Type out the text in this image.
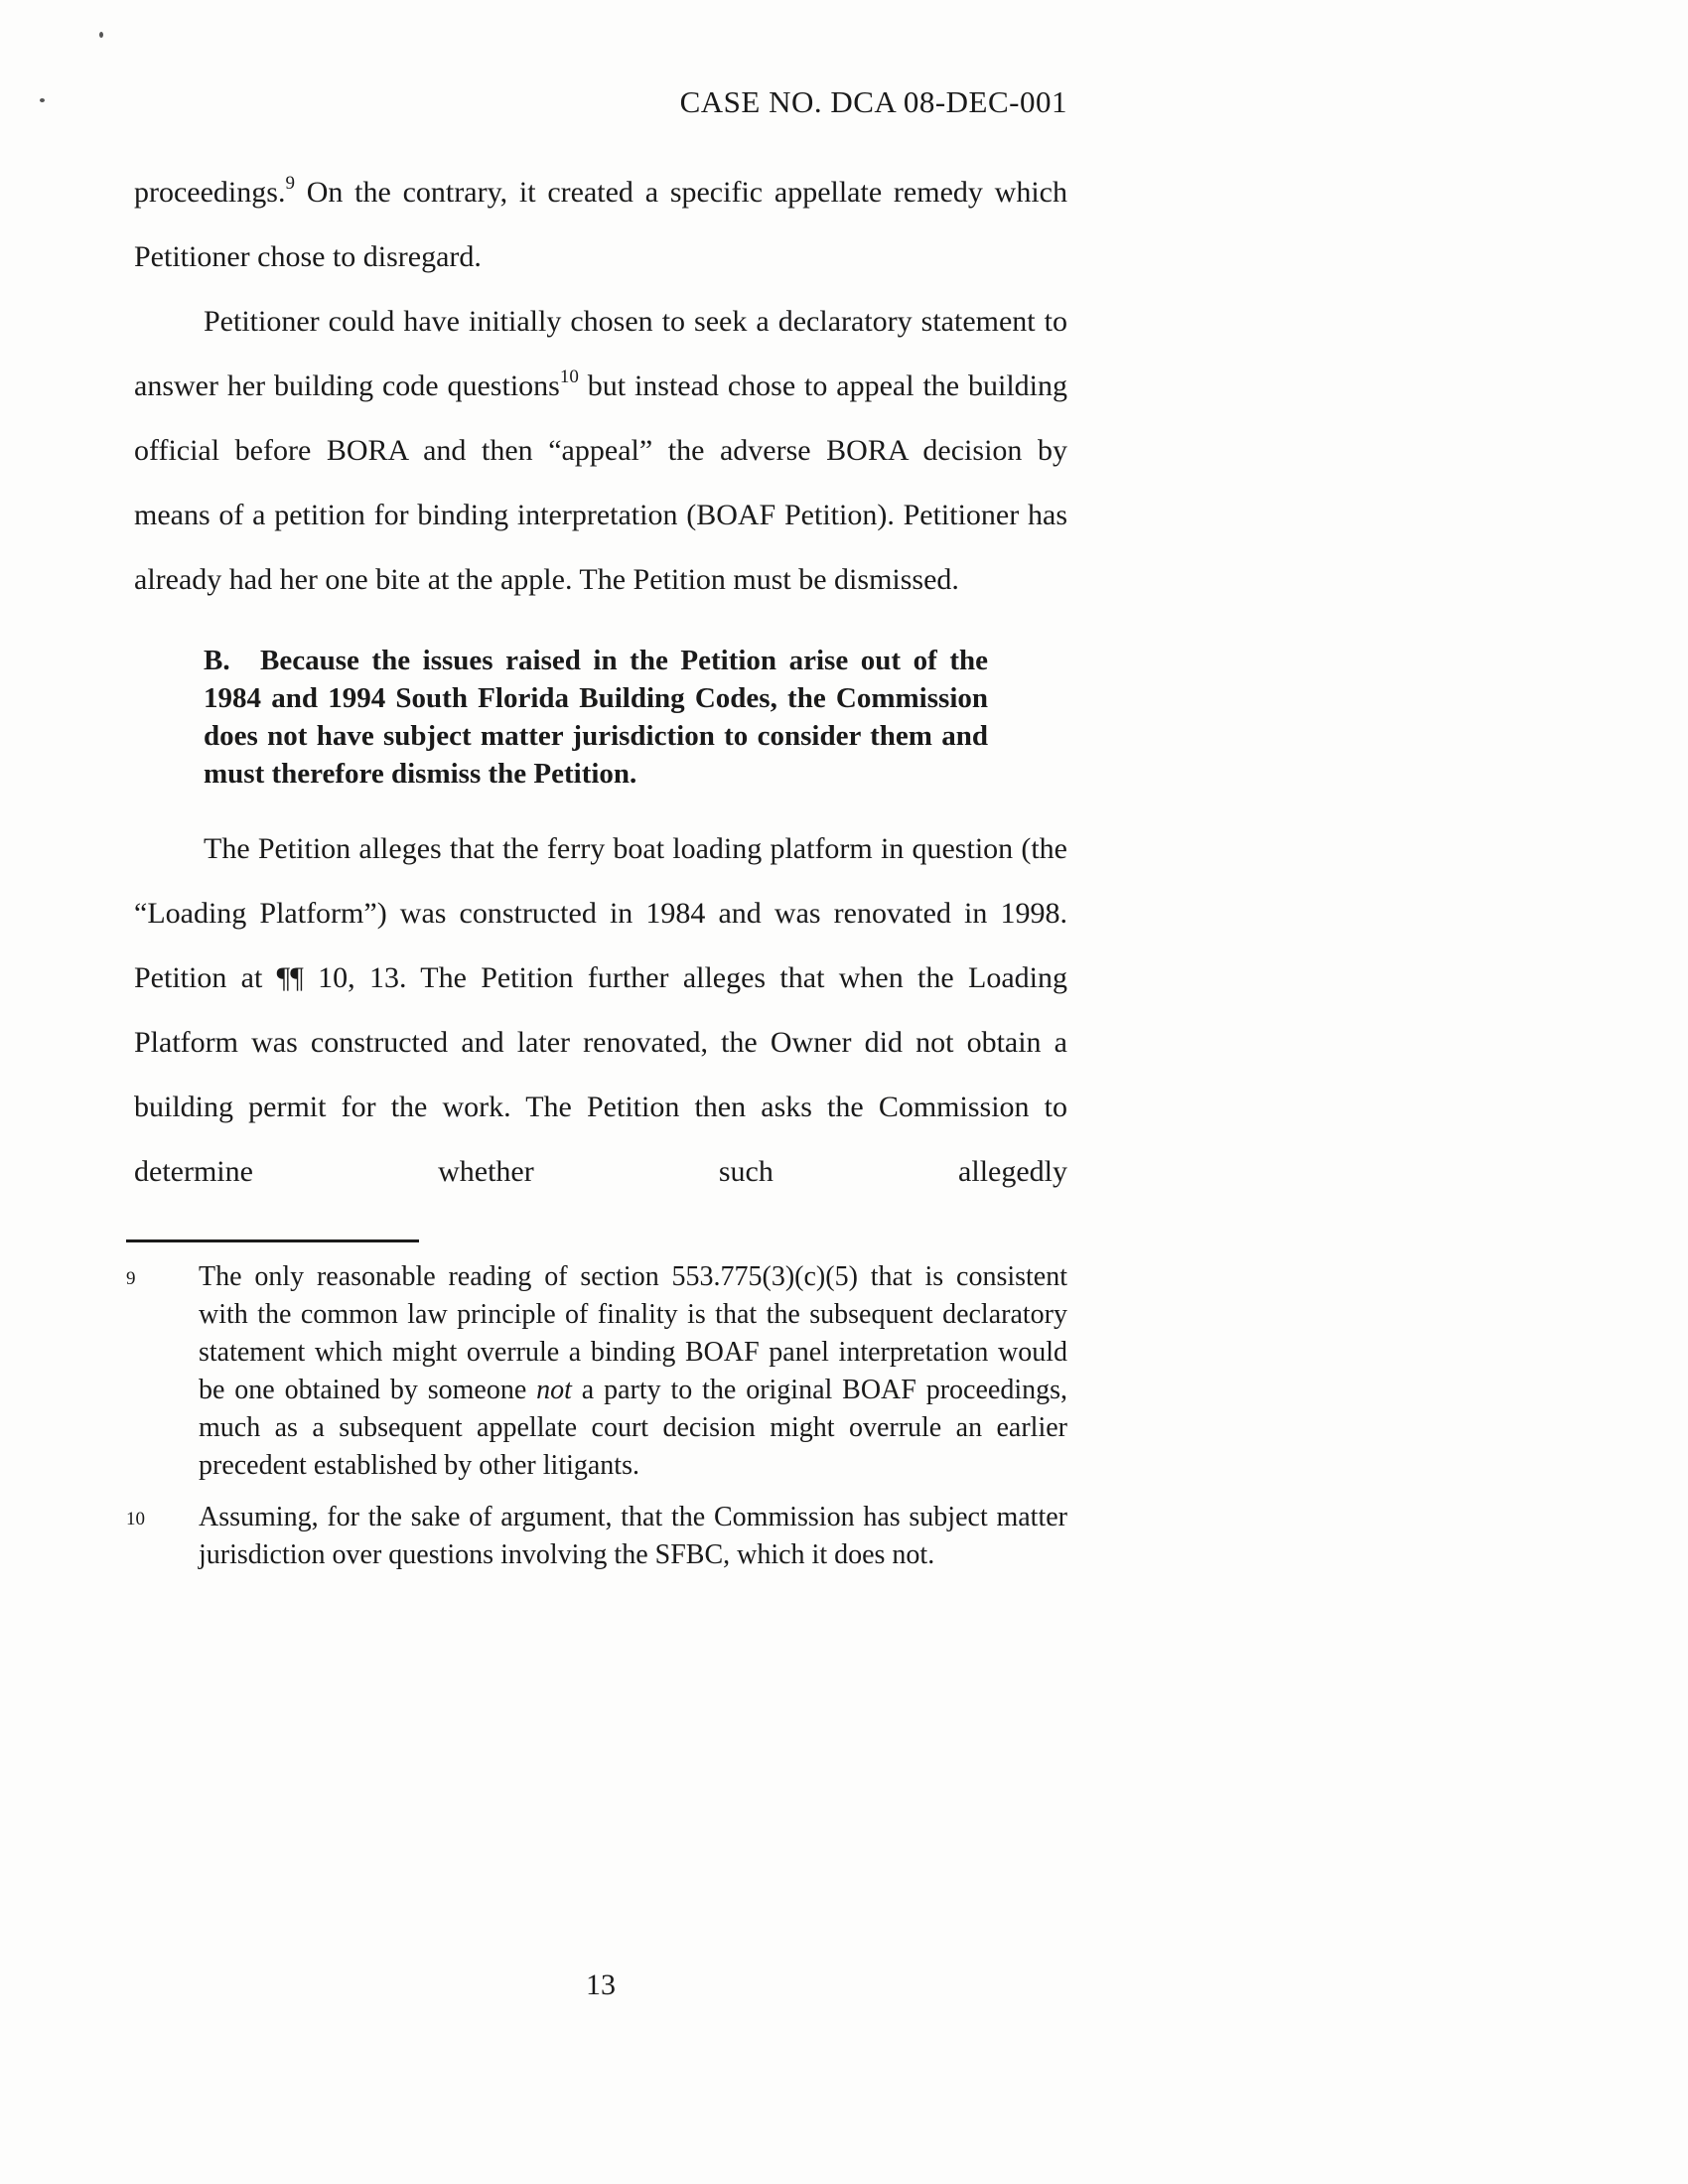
CASE NO. DCA 08-DEC-001

proceedings.$^9$ On the contrary, it created a specific appellate remedy which Petitioner chose to disregard.

Petitioner could have initially chosen to seek a declaratory statement to answer her building code questions$^{10}$ but instead chose to appeal the building official before BORA and then “appeal” the adverse BORA decision by means of a petition for binding interpretation (BOAF Petition). Petitioner has already had her one bite at the apple. The Petition must be dismissed.

B.	Because the issues raised in the Petition arise out of the 1984 and 1994 South Florida Building Codes, the Commission does not have subject matter jurisdiction to consider them and must therefore dismiss the Petition.

The Petition alleges that the ferry boat loading platform in question (the “Loading Platform”) was constructed in 1984 and was renovated in 1998. Petition at ¶¶ 10, 13. The Petition further alleges that when the Loading Platform was constructed and later renovated, the Owner did not obtain a building permit for the work. The Petition then asks the Commission to determine whether such allegedly

9	The only reasonable reading of section 553.775(3)(c)(5) that is consistent with the common law principle of finality is that the subsequent declaratory statement which might overrule a binding BOAF panel interpretation would be one obtained by someone not a party to the original BOAF proceedings, much as a subsequent appellate court decision might overrule an earlier precedent established by other litigants.
10	Assuming, for the sake of argument, that the Commission has subject matter jurisdiction over questions involving the SFBC, which it does not.
13
